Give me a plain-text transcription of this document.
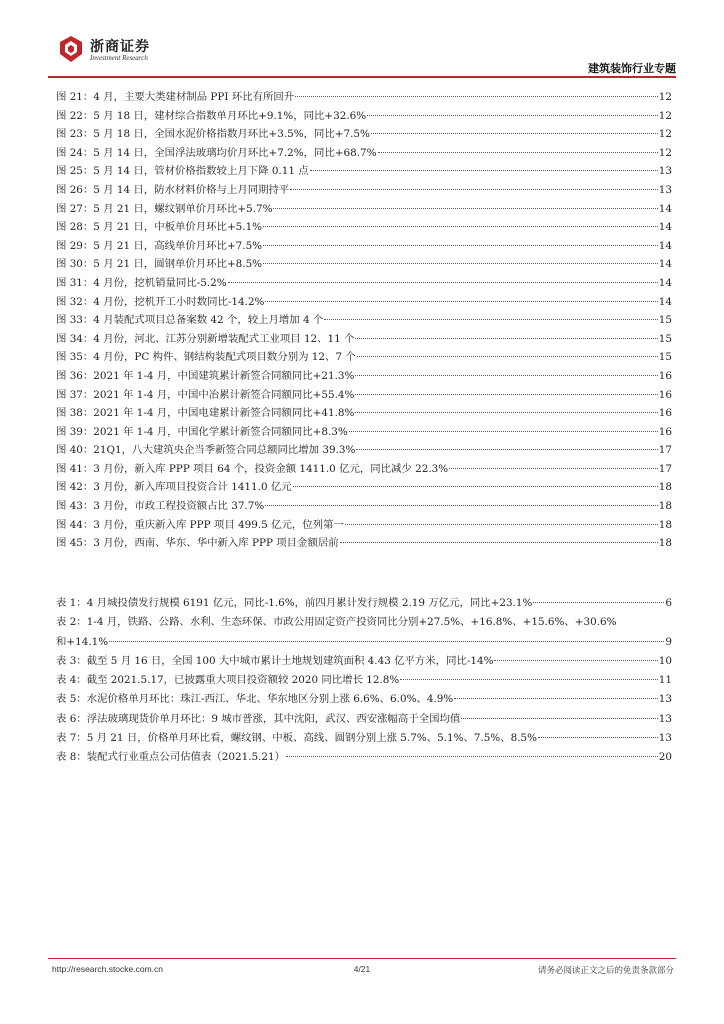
浙商证券
Investment Research
建筑装饰行业专题
图 21：4 月，主要大类建材制品 PPI 环比有所回升	12
图 22：5 月 18 日，建材综合指数单月环比+9.1%，同比+32.6%	12
图 23：5 月 18 日，全国水泥价格指数月环比+3.5%，同比+7.5%	12
图 24：5 月 14 日，全国浮法玻璃均价月环比+7.2%，同比+68.7%	12
图 25：5 月 14 日，管材价格指数较上月下降 0.11 点	13
图 26：5 月 14 日，防水材料价格与上月同期持平	13
图 27：5 月 21 日，螺纹钢单价月环比+5.7%	14
图 28：5 月 21 日，中板单价月环比+5.1%	14
图 29：5 月 21 日，高线单价月环比+7.5%	14
图 30：5 月 21 日，圆钢单价月环比+8.5%	14
图 31：4 月份，挖机销量同比-5.2%	14
图 32：4 月份，挖机开工小时数同比-14.2%	14
图 33：4 月装配式项目总备案数 42 个，较上月增加 4 个	15
图 34：4 月份，河北、江苏分别新增装配式工业项目 12、11 个	15
图 35：4 月份，PC 构件、钢结构装配式项目数分别为 12、7 个	15
图 36：2021 年 1-4 月，中国建筑累计新签合同额同比+21.3%	16
图 37：2021 年 1-4 月，中国中冶累计新签合同额同比+55.4%	16
图 38：2021 年 1-4 月，中国电建累计新签合同额同比+41.8%	16
图 39：2021 年 1-4 月，中国化学累计新签合同额同比+8.3%	16
图 40：21Q1，八大建筑央企当季新签合同总额同比增加 39.3%	17
图 41：3 月份，新入库 PPP 项目 64 个，投资金额 1411.0 亿元，同比减少 22.3%	17
图 42：3 月份，新入库项目投资合计 1411.0 亿元	18
图 43：3 月份，市政工程投资额占比 37.7%	18
图 44：3 月份，重庆新入库 PPP 项目 499.5 亿元，位列第一	18
图 45：3 月份，西南、华东、华中新入库 PPP 项目金额居前	18
表 1：4 月城投债发行规模 6191 亿元，同比-1.6%，前四月累计发行规模 2.19 万亿元，同比+23.1%	6
表 2：1-4 月，铁路、公路、水利、生态环保、市政公用固定资产投资同比分别+27.5%、+16.8%、+15.6%、+30.6%
和+14.1%	9
表 3：截至 5 月 16 日，全国 100 大中城市累计土地规划建筑面积 4.43 亿平方米，同比-14%	10
表 4：截至 2021.5.17，已披露重大项目投资额较 2020 同比增长 12.8%	11
表 5：水泥价格单月环比：珠江-西江、华北、华东地区分别上涨 6.6%、6.0%、4.9%	13
表 6：浮法玻璃现货价单月环比：9 城市普涨，其中沈阳，武汉、西安涨幅高于全国均值	13
表 7：5 月 21 日，价格单月环比看，螺纹钢、中板、高线、圆钢分别上涨 5.7%、5.1%、7.5%、8.5%	13
表 8：装配式行业重点公司估值表（2021.5.21）	20
http://research.stocke.com.cn	4/21	请务必阅读正文之后的免责条款部分
